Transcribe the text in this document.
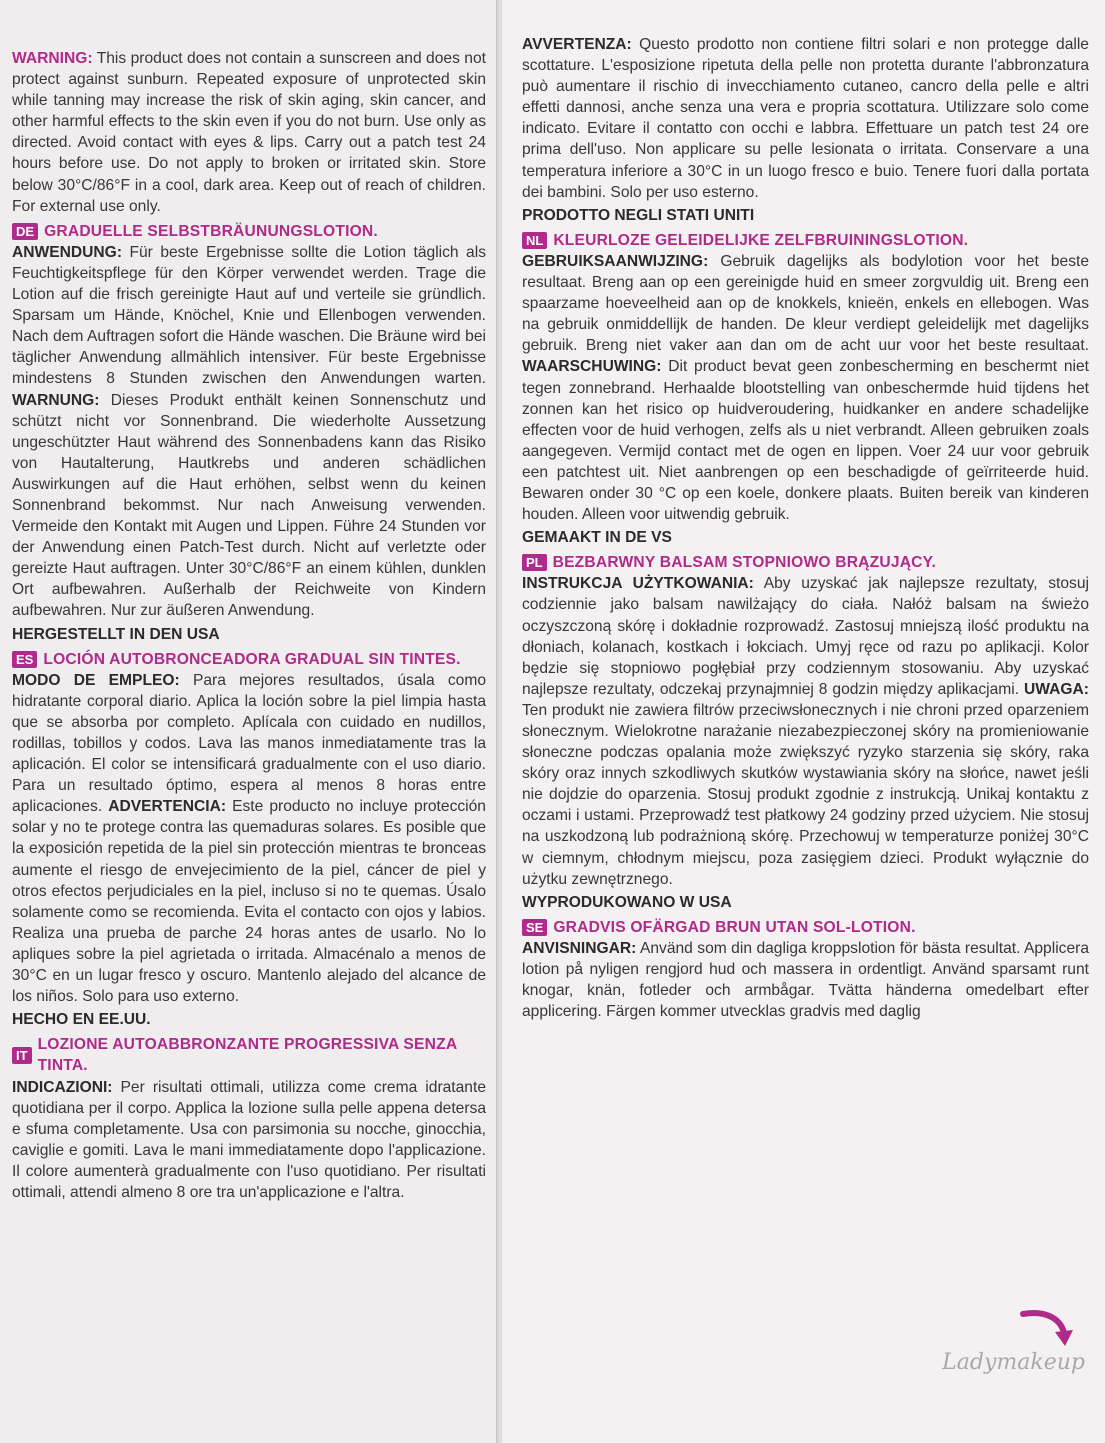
WARNING: This product does not contain a sunscreen and does not protect against sunburn. Repeated exposure of unprotected skin while tanning may increase the risk of skin aging, skin cancer, and other harmful effects to the skin even if you do not burn. Use only as directed. Avoid contact with eyes & lips. Carry out a patch test 24 hours before use. Do not apply to broken or irritated skin. Store below 30°C/86°F in a cool, dark area. Keep out of reach of children. For external use only.

DE GRADUELLE SELBSTBRÄUNUNGSLOTION.

ANWENDUNG: Für beste Ergebnisse sollte die Lotion täglich als Feuchtigkeitspflege für den Körper verwendet werden. Trage die Lotion auf die frisch gereinigte Haut auf und verteile sie gründlich. Sparsam um Hände, Knöchel, Knie und Ellenbogen verwenden. Nach dem Auftragen sofort die Hände waschen. Die Bräune wird bei täglicher Anwendung allmählich intensiver. Für beste Ergebnisse mindestens 8 Stunden zwischen den Anwendungen warten. WARNUNG: Dieses Produkt enthält keinen Sonnenschutz und schützt nicht vor Sonnenbrand. Die wiederholte Aussetzung ungeschützter Haut während des Sonnenbadens kann das Risiko von Hautalterung, Hautkrebs und anderen schädlichen Auswirkungen auf die Haut erhöhen, selbst wenn du keinen Sonnenbrand bekommst. Nur nach Anweisung verwenden. Vermeide den Kontakt mit Augen und Lippen. Führe 24 Stunden vor der Anwendung einen Patch-Test durch. Nicht auf verletzte oder gereizte Haut auftragen. Unter 30°C/86°F an einem kühlen, dunklen Ort aufbewahren. Außerhalb der Reichweite von Kindern aufbewahren. Nur zur äußeren Anwendung.

HERGESTELLT IN DEN USA
ES LOCIÓN AUTOBRONCEADORA GRADUAL SIN TINTES.

MODO DE EMPLEO: Para mejores resultados, úsala como hidratante corporal diario. Aplica la loción sobre la piel limpia hasta que se absorba por completo. Aplícala con cuidado en nudillos, rodillas, tobillos y codos. Lava las manos inmediatamente tras la aplicación. El color se intensificará gradualmente con el uso diario. Para un resultado óptimo, espera al menos 8 horas entre aplicaciones. ADVERTENCIA: Este producto no incluye protección solar y no te protege contra las quemaduras solares. Es posible que la exposición repetida de la piel sin protección mientras te bronceas aumente el riesgo de envejecimiento de la piel, cáncer de piel y otros efectos perjudiciales en la piel, incluso si no te quemas. Úsalo solamente como se recomienda. Evita el contacto con ojos y labios. Realiza una prueba de parche 24 horas antes de usarlo. No lo apliques sobre la piel agrietada o irritada. Almacénalo a menos de 30°C en un lugar fresco y oscuro. Mantenlo alejado del alcance de los niños. Solo para uso externo.

HECHO EN EE.UU.
IT
LOZIONE AUTOABBRONZANTE PROGRESSIVA SENZA TINTA.

INDICAZIONI: Per risultati ottimali, utilizza come crema idratante quotidiana per il corpo. Applica la lozione sulla pelle appena detersa e sfuma completamente. Usa con parsimonia su nocche, ginocchia, caviglie e gomiti. Lava le mani immediatamente dopo l'applicazione. Il colore aumenterà gradualmente con l'uso quotidiano. Per risultati ottimali, attendi almeno 8 ore tra un'applicazione e l'altra.

AVVERTENZA: Questo prodotto non contiene filtri solari e non protegge dalle scottature. L'esposizione ripetuta della pelle non protetta durante l'abbronzatura può aumentare il rischio di invecchiamento cutaneo, cancro della pelle e altri effetti dannosi, anche senza una vera e propria scottatura. Utilizzare solo come indicato. Evitare il contatto con occhi e labbra. Effettuare un patch test 24 ore prima dell'uso. Non applicare su pelle lesionata o irritata. Conservare a una temperatura inferiore a 30°C in un luogo fresco e buio. Tenere fuori dalla portata dei bambini. Solo per uso esterno.

PRODOTTO NEGLI STATI UNITI
NL KLEURLOZE GELEIDELIJKE ZELFBRUININGSLOTION.

GEBRUIKSAANWIJZING: Gebruik dagelijks als bodylotion voor het beste resultaat. Breng aan op een gereinigde huid en smeer zorgvuldig uit. Breng een spaarzame hoeveelheid aan op de knokkels, knieën, enkels en ellebogen. Was na gebruik onmiddellijk de handen. De kleur verdiept geleidelijk met dagelijks gebruik. Breng niet vaker aan dan om de acht uur voor het beste resultaat. WAARSCHUWING: Dit product bevat geen zonbescherming en beschermt niet tegen zonnebrand. Herhaalde blootstelling van onbeschermde huid tijdens het zonnen kan het risico op huidveroudering, huidkanker en andere schadelijke effecten voor de huid verhogen, zelfs als u niet verbrandt. Alleen gebruiken zoals aangegeven. Vermijd contact met de ogen en lippen. Voer 24 uur voor gebruik een patchtest uit. Niet aanbrengen op een beschadigde of geïrriteerde huid. Bewaren onder 30 °C op een koele, donkere plaats. Buiten bereik van kinderen houden. Alleen voor uitwendig gebruik.

GEMAAKT IN DE VS
PL BEZBARWNY BALSAM STOPNIOWO BRĄZUJĄCY.

INSTRUKCJA UŻYTKOWANIA: Aby uzyskać jak najlepsze rezultaty, stosuj codziennie jako balsam nawilżający do ciała. Nałóż balsam na świeżo oczyszczoną skórę i dokładnie rozprowadź. Zastosuj mniejszą ilość produktu na dłoniach, kolanach, kostkach i łokciach. Umyj ręce od razu po aplikacji. Kolor będzie się stopniowo pogłębiał przy codziennym stosowaniu. Aby uzyskać najlepsze rezultaty, odczekaj przynajmniej 8 godzin między aplikacjami. UWAGA: Ten produkt nie zawiera filtrów przeciwsłonecznych i nie chroni przed oparzeniem słonecznym. Wielokrotne narażanie niezabezpieczonej skóry na promieniowanie słoneczne podczas opalania może zwiększyć ryzyko starzenia się skóry, raka skóry oraz innych szkodliwych skutków wystawiania skóry na słońce, nawet jeśli nie dojdzie do oparzenia. Stosuj produkt zgodnie z instrukcją. Unikaj kontaktu z oczami i ustami. Przeprowadź test płatkowy 24 godziny przed użyciem. Nie stosuj na uszkodzoną lub podrażnioną skórę. Przechowuj w temperaturze poniżej 30°C w ciemnym, chłodnym miejscu, poza zasięgiem dzieci. Produkt wyłącznie do użytku zewnętrznego.

WYPRODUKOWANO W USA
SE GRADVIS OFÄRGAD BRUN UTAN SOL-LOTION.

ANVISNINGAR: Använd som din dagliga kroppslotion för bästa resultat. Applicera lotion på nyligen rengjord hud och massera in ordentligt. Använd sparsamt runt knogar, knän, fotleder och armbågar. Tvätta händerna omedelbart efter applicering. Färgen kommer utvecklas gradvis med daglig

Ladymakeup
